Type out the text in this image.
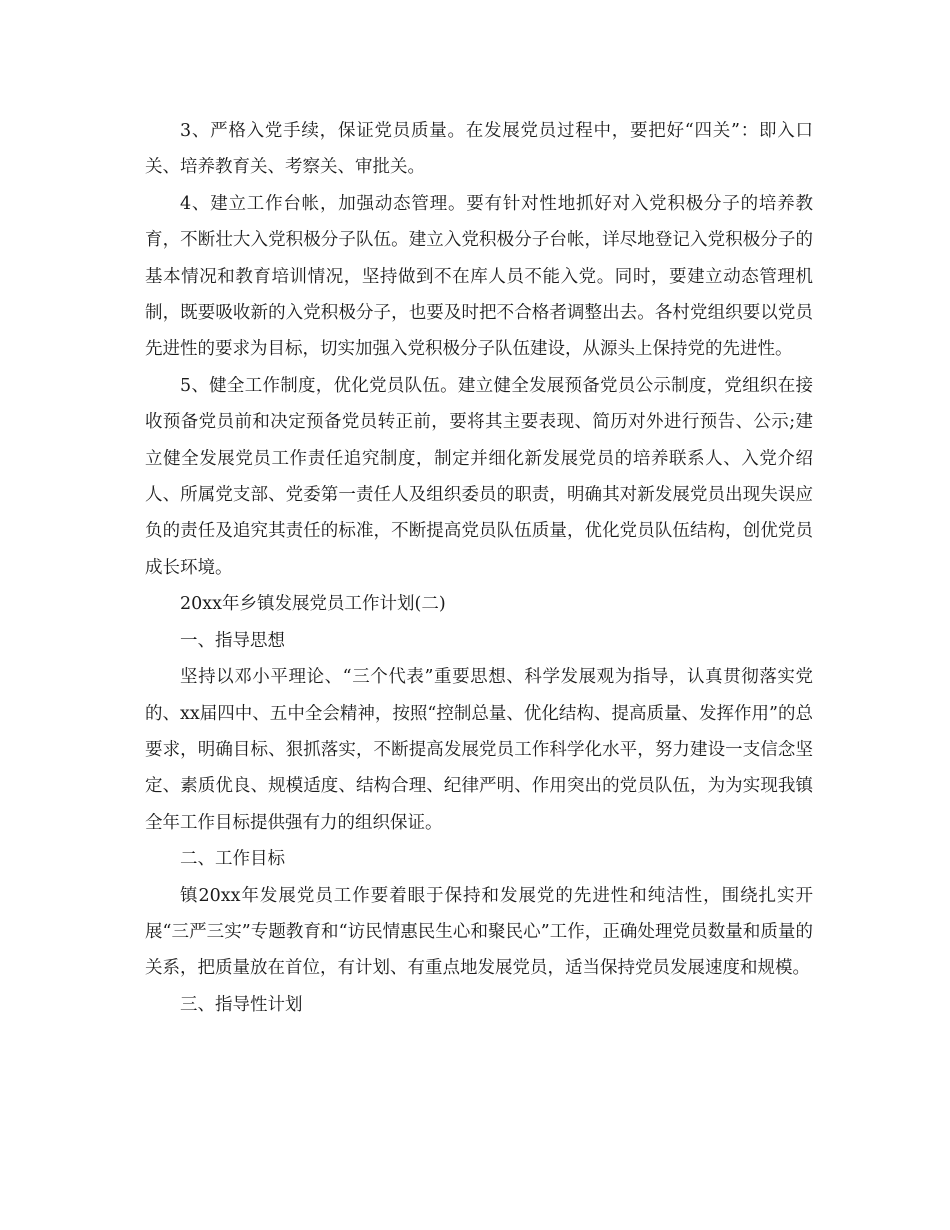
3、严格入党手续，保证党员质量。在发展党员过程中，要把好“四关”：即入口关、培养教育关、考察关、审批关。

4、建立工作台帐，加强动态管理。要有针对性地抓好对入党积极分子的培养教育，不断壮大入党积极分子队伍。建立入党积极分子台帐，详尽地登记入党积极分子的基本情况和教育培训情况，坚持做到不在库人员不能入党。同时，要建立动态管理机制，既要吸收新的入党积极分子，也要及时把不合格者调整出去。各村党组织要以党员先进性的要求为目标，切实加强入党积极分子队伍建设，从源头上保持党的先进性。

5、健全工作制度，优化党员队伍。建立健全发展预备党员公示制度，党组织在接收预备党员前和决定预备党员转正前，要将其主要表现、简历对外进行预告、公示;建立健全发展党员工作责任追究制度，制定并细化新发展党员的培养联系人、入党介绍人、所属党支部、党委第一责任人及组织委员的职责，明确其对新发展党员出现失误应负的责任及追究其责任的标准，不断提高党员队伍质量，优化党员队伍结构，创优党员成长环境。

20xx年乡镇发展党员工作计划(二)

一、指导思想

坚持以邓小平理论、“三个代表”重要思想、科学发展观为指导，认真贯彻落实党的、xx届四中、五中全会精神，按照“控制总量、优化结构、提高质量、发挥作用”的总要求，明确目标、狠抓落实，不断提高发展党员工作科学化水平，努力建设一支信念坚定、素质优良、规模适度、结构合理、纪律严明、作用突出的党员队伍，为为实现我镇全年工作目标提供强有力的组织保证。

二、工作目标

镇20xx年发展党员工作要着眼于保持和发展党的先进性和纯洁性，围绕扎实开展“三严三实”专题教育和“访民情惠民生心和聚民心”工作，正确处理党员数量和质量的关系，把质量放在首位，有计划、有重点地发展党员，适当保持党员发展速度和规模。

三、指导性计划
